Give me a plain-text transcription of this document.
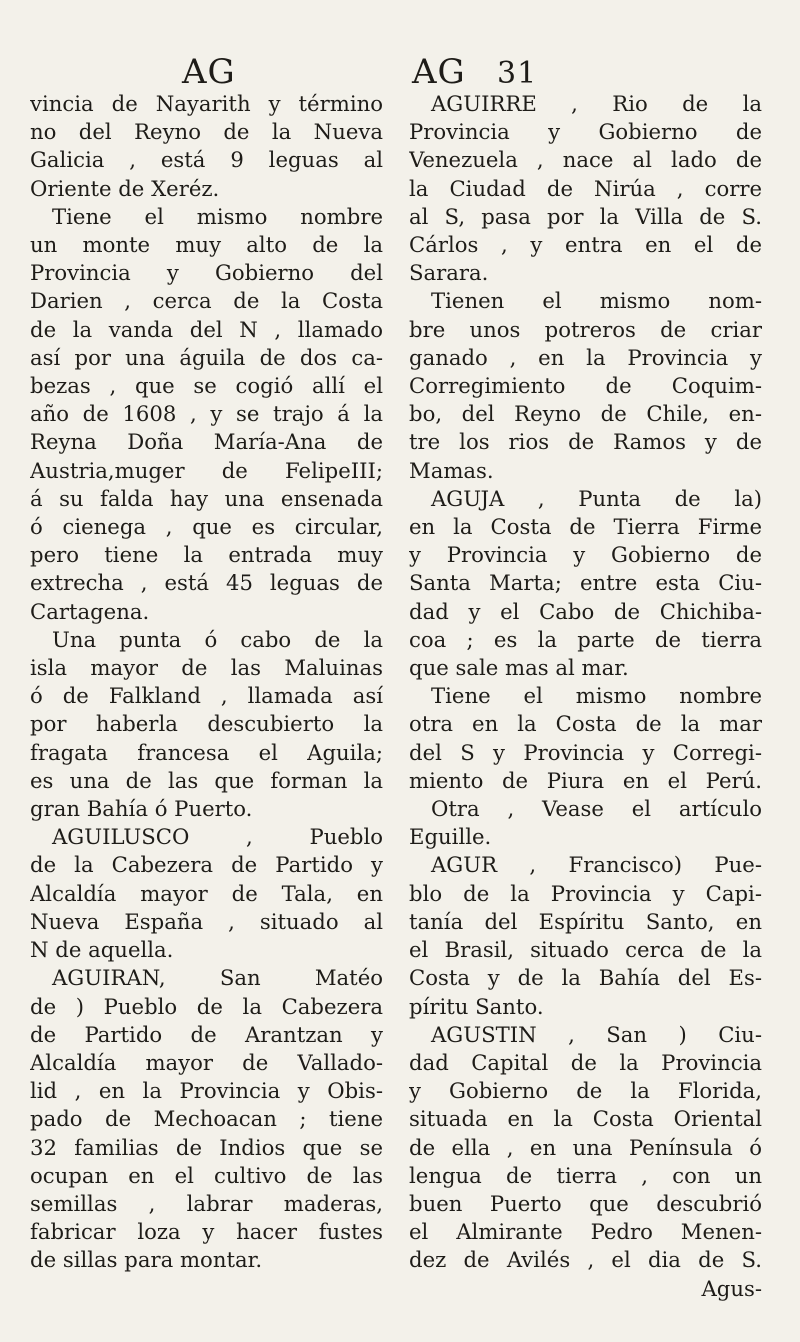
AG	AG 31
vincia de Nayarith y término
no del Reyno de la Nueva
Galicia , está 9 leguas al
Oriente de Xeréz.
Tiene el mismo nombre
un monte muy alto de la
Provincia y Gobierno del
Darien , cerca de la Costa
de la vanda del N , llamado
así por una águila de dos ca-
bezas , que se cogió allí el
año de 1608 , y se trajo á la
Reyna Doña María-Ana de
Austria,muger de FelipeIII;
á su falda hay una ensenada
ó cienega , que es circular,
pero tiene la entrada muy
extrecha , está 45 leguas de
Cartagena.
Una punta ó cabo de la
isla mayor de las Maluinas
ó de Falkland , llamada así
por haberla descubierto la
fragata francesa el Aguila;
es una de las que forman la
gran Bahía ó Puerto.
AGUILUSCO , Pueblo
de la Cabezera de Partido y
Alcaldía mayor de Tala, en
Nueva España , situado al
N de aquella.
AGUIRAN, San Matéo
de ) Pueblo de la Cabezera
de Partido de Arantzan y
Alcaldía mayor de Vallado-
lid , en la Provincia y Obis-
pado de Mechoacan ; tiene
32 familias de Indios que se
ocupan en el cultivo de las
semillas , labrar maderas,
fabricar loza y hacer fustes
de sillas para montar.
AGUIRRE , Rio de la
Provincia y Gobierno de
Venezuela , nace al lado de
la Ciudad de Nirúa , corre
al S, pasa por la Villa de S.
Cárlos , y entra en el de
Sarara.
Tienen el mismo nom-
bre unos potreros de criar
ganado , en la Provincia y
Corregimiento de Coquim-
bo, del Reyno de Chile, en-
tre los rios de Ramos y de
Mamas.
AGUJA , Punta de la)
en la Costa de Tierra Firme
y Provincia y Gobierno de
Santa Marta; entre esta Ciu-
dad y el Cabo de Chichiba-
coa ; es la parte de tierra
que sale mas al mar.
Tiene el mismo nombre
otra en la Costa de la mar
del S y Provincia y Corregi-
miento de Piura en el Perú.
Otra , Vease el artículo
Eguille.
AGUR , Francisco) Pue-
blo de la Provincia y Capi-
tanía del Espíritu Santo, en
el Brasil, situado cerca de la
Costa y de la Bahía del Es-
píritu Santo.
AGUSTIN , San ) Ciu-
dad Capital de la Provincia
y Gobierno de la Florida,
situada en la Costa Oriental
de ella , en una Península ó
lengua de tierra , con un
buen Puerto que descubrió
el Almirante Pedro Menen-
dez de Avilés , el dia de S.
Agus-
